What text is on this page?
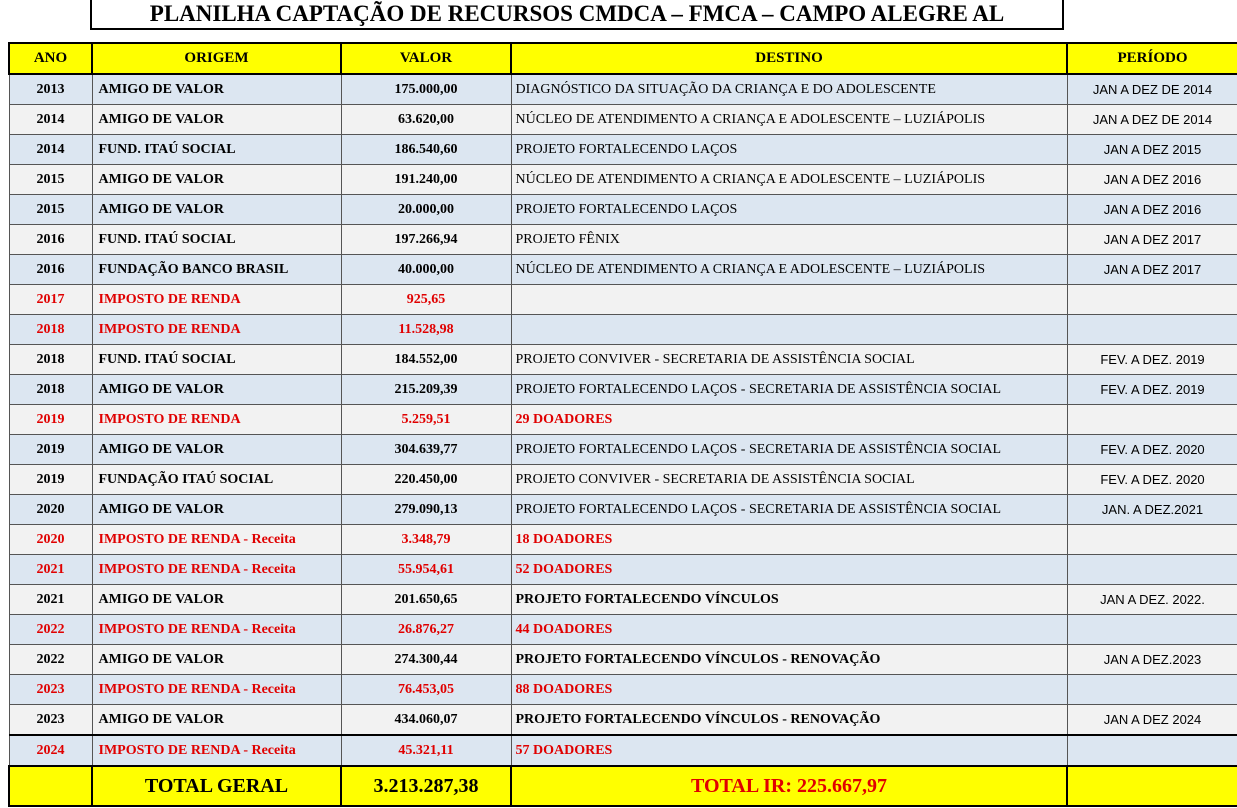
PLANILHA CAPTAÇÃO DE RECURSOS CMDCA – FMCA – CAMPO ALEGRE AL
ANO	ORIGEM	VALOR	DESTINO	PERÍODO
2013	AMIGO DE VALOR	175.000,00	DIAGNÓSTICO DA SITUAÇÃO DA CRIANÇA E DO ADOLESCENTE	JAN A DEZ DE 2014
2014	AMIGO DE VALOR	63.620,00	NÚCLEO DE ATENDIMENTO A CRIANÇA E ADOLESCENTE – LUZIÁPOLIS	JAN A DEZ DE 2014
2014	FUND. ITAÚ SOCIAL	186.540,60	PROJETO FORTALECENDO LAÇOS	JAN A DEZ 2015
2015	AMIGO DE VALOR	191.240,00	NÚCLEO DE ATENDIMENTO A CRIANÇA E ADOLESCENTE – LUZIÁPOLIS	JAN A DEZ 2016
2015	AMIGO DE VALOR	20.000,00	PROJETO FORTALECENDO LAÇOS	JAN A DEZ 2016
2016	FUND. ITAÚ SOCIAL	197.266,94	PROJETO FÊNIX	JAN A DEZ 2017
2016	FUNDAÇÃO BANCO BRASIL	40.000,00	NÚCLEO DE ATENDIMENTO A CRIANÇA E ADOLESCENTE – LUZIÁPOLIS	JAN A DEZ 2017
2017	IMPOSTO DE RENDA	925,65		
2018	IMPOSTO DE RENDA	11.528,98		
2018	FUND. ITAÚ SOCIAL	184.552,00	PROJETO CONVIVER - SECRETARIA DE ASSISTÊNCIA SOCIAL	FEV. A DEZ. 2019
2018	AMIGO DE VALOR	215.209,39	PROJETO FORTALECENDO LAÇOS - SECRETARIA DE ASSISTÊNCIA SOCIAL	FEV. A DEZ. 2019
2019	IMPOSTO DE RENDA	5.259,51	29 DOADORES	
2019	AMIGO DE VALOR	304.639,77	PROJETO FORTALECENDO LAÇOS - SECRETARIA DE ASSISTÊNCIA SOCIAL	FEV. A DEZ. 2020
2019	FUNDAÇÃO ITAÚ SOCIAL	220.450,00	PROJETO CONVIVER - SECRETARIA DE ASSISTÊNCIA SOCIAL	FEV. A DEZ. 2020
2020	AMIGO DE VALOR	279.090,13	PROJETO FORTALECENDO LAÇOS - SECRETARIA DE ASSISTÊNCIA SOCIAL	JAN. A DEZ.2021
2020	IMPOSTO DE RENDA - Receita	3.348,79	18 DOADORES	
2021	IMPOSTO DE RENDA - Receita	55.954,61	52 DOADORES	
2021	AMIGO DE VALOR	201.650,65	PROJETO FORTALECENDO VÍNCULOS	JAN A DEZ. 2022.
2022	IMPOSTO DE RENDA - Receita	26.876,27	44 DOADORES	
2022	AMIGO DE VALOR	274.300,44	PROJETO FORTALECENDO VÍNCULOS - RENOVAÇÃO	JAN A DEZ.2023
2023	IMPOSTO DE RENDA - Receita	76.453,05	88 DOADORES	
2023	AMIGO DE VALOR	434.060,07	PROJETO FORTALECENDO VÍNCULOS - RENOVAÇÃO	JAN A DEZ 2024
2024	IMPOSTO DE RENDA - Receita	45.321,11	57 DOADORES	
	TOTAL GERAL	3.213.287,38	TOTAL IR: 225.667,97	
